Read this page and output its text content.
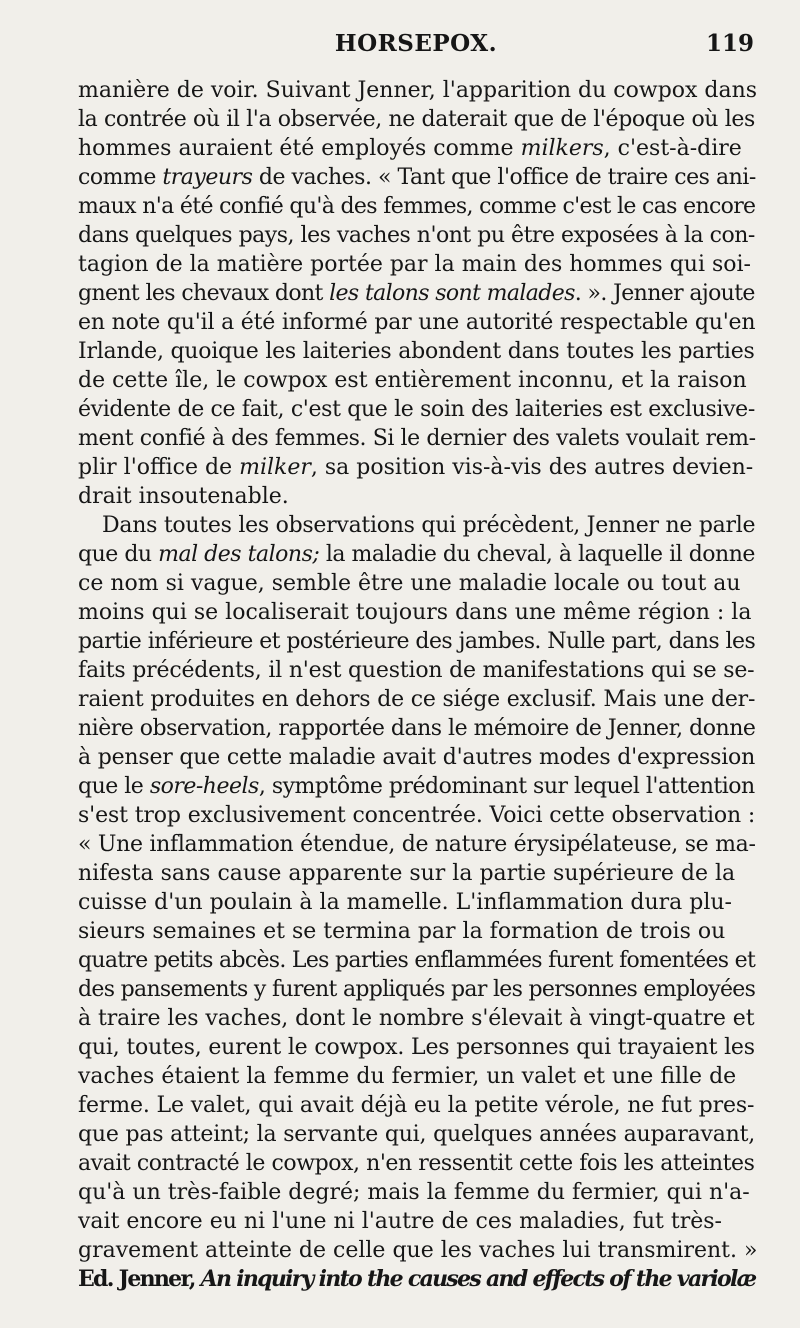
HORSEPOX.	119
manière de voir. Suivant Jenner, l'apparition du cowpox dans
la contrée où il l'a observée, ne daterait que de l'époque où les
hommes auraient été employés comme milkers, c'est-à-dire
comme trayeurs de vaches. « Tant que l'office de traire ces ani-
maux n'a été confié qu'à des femmes, comme c'est le cas encore
dans quelques pays, les vaches n'ont pu être exposées à la con-
tagion de la matière portée par la main des hommes qui soi-
gnent les chevaux dont les talons sont malades. ». Jenner ajoute
en note qu'il a été informé par une autorité respectable qu'en
Irlande, quoique les laiteries abondent dans toutes les parties
de cette île, le cowpox est entièrement inconnu, et la raison
évidente de ce fait, c'est que le soin des laiteries est exclusive-
ment confié à des femmes. Si le dernier des valets voulait rem-
plir l'office de milker, sa position vis-à-vis des autres devien-
drait insoutenable.
Dans toutes les observations qui précèdent, Jenner ne parle
que du mal des talons; la maladie du cheval, à laquelle il donne
ce nom si vague, semble être une maladie locale ou tout au
moins qui se localiserait toujours dans une même région : la
partie inférieure et postérieure des jambes. Nulle part, dans les
faits précédents, il n'est question de manifestations qui se se-
raient produites en dehors de ce siége exclusif. Mais une der-
nière observation, rapportée dans le mémoire de Jenner, donne
à penser que cette maladie avait d'autres modes d'expression
que le sore-heels, symptôme prédominant sur lequel l'attention
s'est trop exclusivement concentrée. Voici cette observation :
« Une inflammation étendue, de nature érysipélateuse, se ma-
nifesta sans cause apparente sur la partie supérieure de la
cuisse d'un poulain à la mamelle. L'inflammation dura plu-
sieurs semaines et se termina par la formation de trois ou
quatre petits abcès. Les parties enflammées furent fomentées et
des pansements y furent appliqués par les personnes employées
à traire les vaches, dont le nombre s'élevait à vingt-quatre et
qui, toutes, eurent le cowpox. Les personnes qui trayaient les
vaches étaient la femme du fermier, un valet et une fille de
ferme. Le valet, qui avait déjà eu la petite vérole, ne fut pres-
que pas atteint; la servante qui, quelques années auparavant,
avait contracté le cowpox, n'en ressentit cette fois les atteintes
qu'à un très-faible degré; mais la femme du fermier, qui n'a-
vait encore eu ni l'une ni l'autre de ces maladies, fut très-
gravement atteinte de celle que les vaches lui transmirent. »
Ed. Jenner, An inquiry into the causes and effects of the variolæ
